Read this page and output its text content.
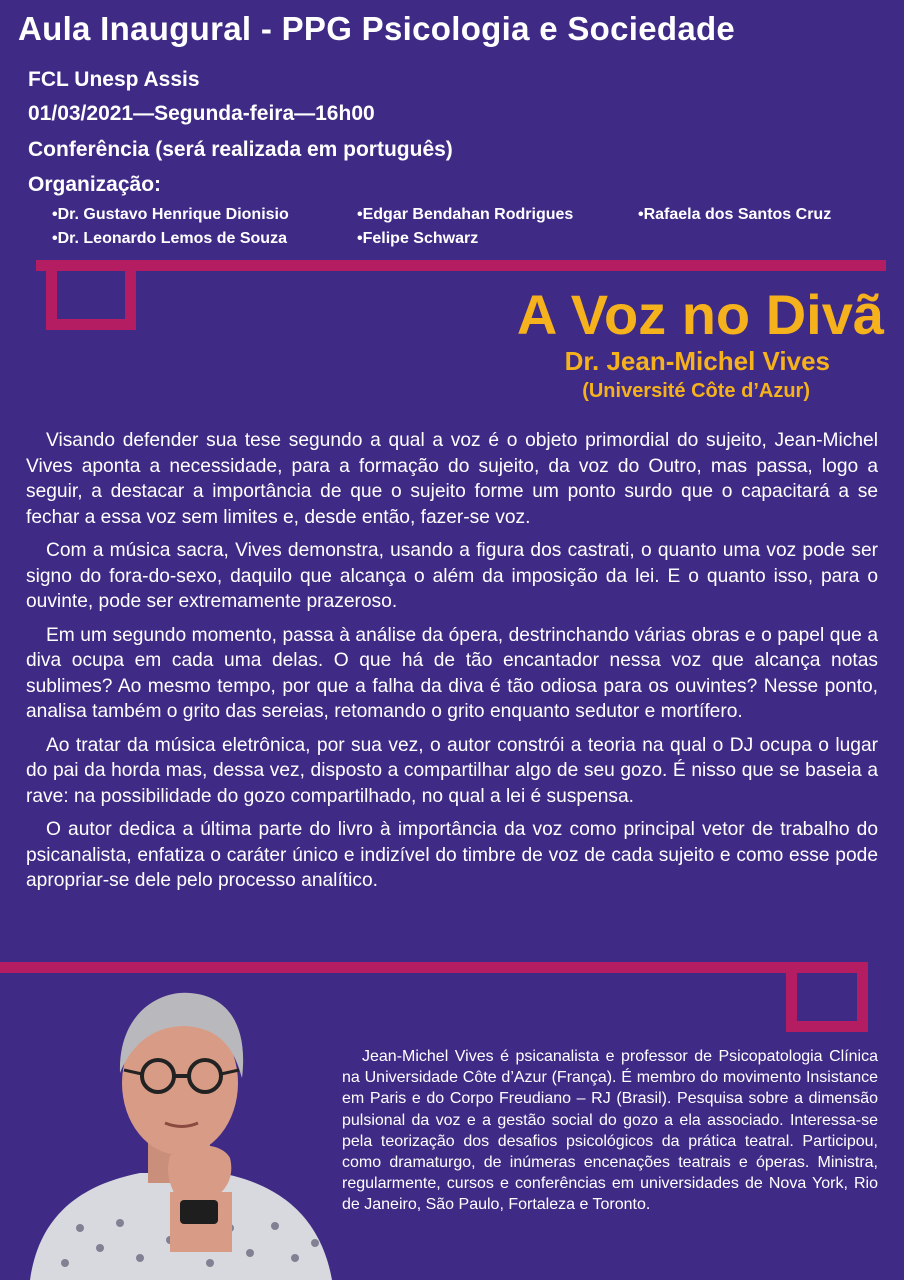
Aula Inaugural - PPG Psicologia e Sociedade
FCL Unesp Assis
01/03/2021—Segunda-feira—16h00
Conferência (será realizada em português)
Organização:
•Dr. Gustavo Henrique Dionisio	•Edgar Bendahan Rodrigues	•Rafaela dos Santos Cruz
•Dr. Leonardo Lemos de Souza	•Felipe Schwarz
A Voz no Divã
Dr. Jean-Michel Vives
(Université Côte d’Azur)

Visando defender sua tese segundo a qual a voz é o objeto primordial do sujeito, Jean-Michel Vives aponta a necessidade, para a formação do sujeito, da voz do Outro, mas passa, logo a seguir, a destacar a importância de que o sujeito forme um ponto surdo que o capacitará a se fechar a essa voz sem limites e, desde então, fazer-se voz.

Com a música sacra, Vives demonstra, usando a figura dos castrati, o quanto uma voz pode ser signo do fora-do-sexo, daquilo que alcança o além da imposição da lei. E o quanto isso, para o ouvinte, pode ser extremamente prazeroso.

Em um segundo momento, passa à análise da ópera, destrinchando várias obras e o papel que a diva ocupa em cada uma delas. O que há de tão encantador nessa voz que alcança notas sublimes? Ao mesmo tempo, por que a falha da diva é tão odiosa para os ouvintes? Nesse ponto, analisa também o grito das sereias, retomando o grito enquanto sedutor e mortífero.

Ao tratar da música eletrônica, por sua vez, o autor constrói a teoria na qual o DJ ocupa o lugar do pai da horda mas, dessa vez, disposto a compartilhar algo de seu gozo. É nisso que se baseia a rave: na possibilidade do gozo compartilhado, no qual a lei é suspensa.

O autor dedica a última parte do livro à importância da voz como principal vetor de trabalho do psicanalista, enfatiza o caráter único e indizível do timbre de voz de cada sujeito e como esse pode apropriar-se dele pelo processo analítico.

Jean-Michel Vives é psicanalista e professor de Psicopatologia Clínica na Universidade Côte d’Azur (França). É membro do movimento Insistance em Paris e do Corpo Freudiano – RJ (Brasil). Pesquisa sobre a dimensão pulsional da voz e a gestão social do gozo a ela associado. Interessa-se pela teorização dos desafios psicológicos da prática teatral. Participou, como dramaturgo, de inúmeras encenações teatrais e óperas. Ministra, regularmente, cursos e conferências em universidades de Nova York, Rio de Janeiro, São Paulo, Fortaleza e Toronto.
